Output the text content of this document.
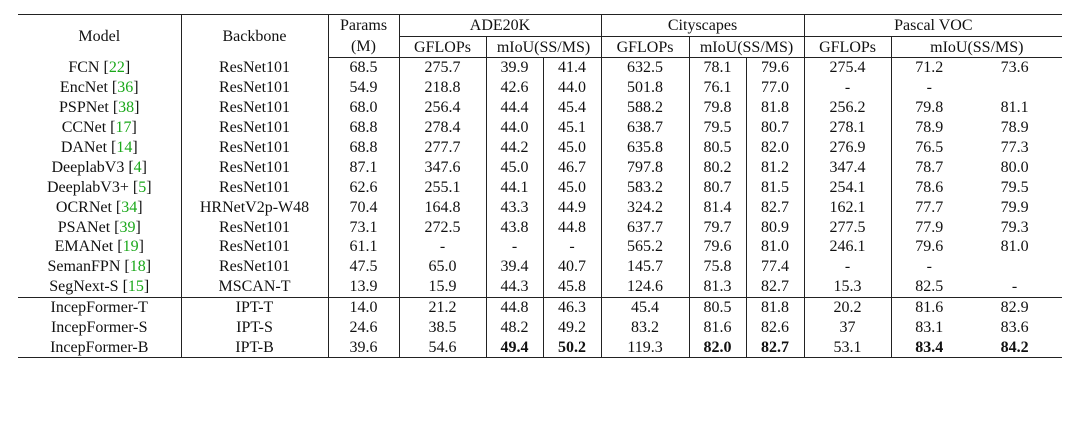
Model	Backbone	Params	ADE20K			Cityscapes			Pascal VOC		
		(M)	GFLOPs	mIoU(SS/MS)		GFLOPs	mIoU(SS/MS)		GFLOPs	mIoU(SS/MS)	
FCN [22]	ResNet101	68.5	275.7	39.9	41.4	632.5	78.1	79.6	275.4	71.2	73.6
EncNet [36]	ResNet101	54.9	218.8	42.6	44.0	501.8	76.1	77.0	-	-	
PSPNet [38]	ResNet101	68.0	256.4	44.4	45.4	588.2	79.8	81.8	256.2	79.8	81.1
CCNet [17]	ResNet101	68.8	278.4	44.0	45.1	638.7	79.5	80.7	278.1	78.9	78.9
DANet [14]	ResNet101	68.8	277.7	44.2	45.0	635.8	80.5	82.0	276.9	76.5	77.3
DeeplabV3 [4]	ResNet101	87.1	347.6	45.0	46.7	797.8	80.2	81.2	347.4	78.7	80.0
DeeplabV3+ [5]	ResNet101	62.6	255.1	44.1	45.0	583.2	80.7	81.5	254.1	78.6	79.5
OCRNet [34]	HRNetV2p-W48	70.4	164.8	43.3	44.9	324.2	81.4	82.7	162.1	77.7	79.9
PSANet [39]	ResNet101	73.1	272.5	43.8	44.8	637.7	79.7	80.9	277.5	77.9	79.3
EMANet [19]	ResNet101	61.1	-	-	-	565.2	79.6	81.0	246.1	79.6	81.0
SemanFPN [18]	ResNet101	47.5	65.0	39.4	40.7	145.7	75.8	77.4	-	-	
SegNext-S [15]	MSCAN-T	13.9	15.9	44.3	45.8	124.6	81.3	82.7	15.3	82.5	-
IncepFormer-T	IPT-T	14.0	21.2	44.8	46.3	45.4	80.5	81.8	20.2	81.6	82.9
IncepFormer-S	IPT-S	24.6	38.5	48.2	49.2	83.2	81.6	82.6	37	83.1	83.6
IncepFormer-B	IPT-B	39.6	54.6	49.4	50.2	119.3	82.0	82.7	53.1	83.4	84.2
